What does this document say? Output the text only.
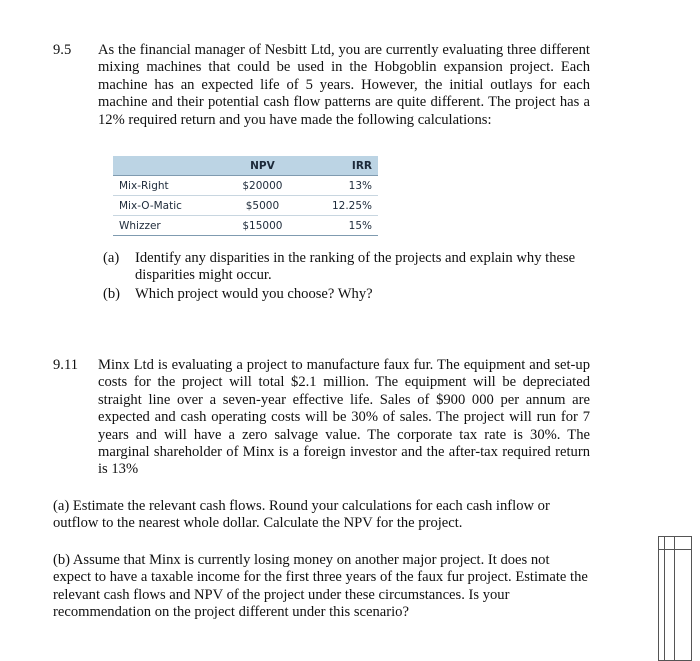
9.5 As the financial manager of Nesbitt Ltd, you are currently evaluating three different mixing machines that could be used in the Hobgoblin expansion project. Each machine has an expected life of 5 years. However, the initial outlays for each machine and their potential cash flow patterns are quite different. The project has a 12% required return and you have made the following calculations:
	NPV	IRR
Mix-Right	$20000	13%
Mix-O-Matic	$5000	12.25%
Whizzer	$15000	15%
(a) Identify any disparities in the ranking of the projects and explain why these disparities might occur.
(b) Which project would you choose? Why?
9.11 Minx Ltd is evaluating a project to manufacture faux fur. The equipment and set-up costs for the project will total $2.1 million. The equipment will be depreciated straight line over a seven-year effective life. Sales of $900 000 per annum are expected and cash operating costs will be 30% of sales. The project will run for 7 years and will have a zero salvage value. The corporate tax rate is 30%. The marginal shareholder of Minx is a foreign investor and the after-tax required return is 13%
(a) Estimate the relevant cash flows. Round your calculations for each cash inflow or outflow to the nearest whole dollar. Calculate the NPV for the project.
(b) Assume that Minx is currently losing money on another major project. It does not expect to have a taxable income for the first three years of the faux fur project. Estimate the relevant cash flows and NPV of the project under these circumstances. Is your recommendation on the project different under this scenario?
